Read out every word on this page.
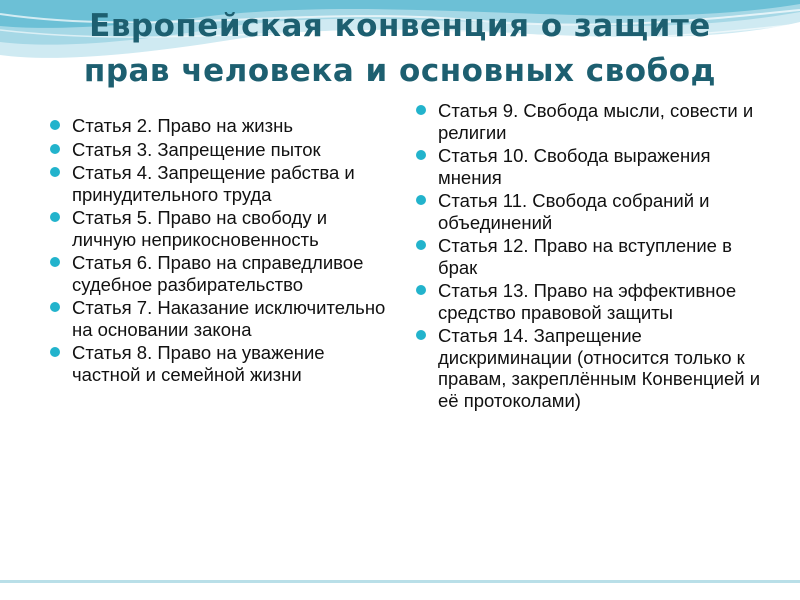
Европейская конвенция о защите
прав человека и основных свобод
Статья 2. Право на жизнь
Статья 3. Запрещение пыток
Статья 4. Запрещение рабства и принудительного труда
Статья 5. Право на свободу и личную неприкосновенность
Статья 6. Право на справедливое судебное разбирательство
Статья 7. Наказание исключительно на основании закона
Статья 8. Право на уважение частной и семейной жизни
Статья 9. Свобода мысли, совести и религии
Статья 10. Свобода выражения мнения
Статья 11. Свобода собраний и объединений
Статья 12. Право на вступление в брак
Статья 13. Право на эффективное средство правовой защиты
Статья 14. Запрещение дискриминации (относится только к правам, закреплённым Конвенцией и её протоколами)
